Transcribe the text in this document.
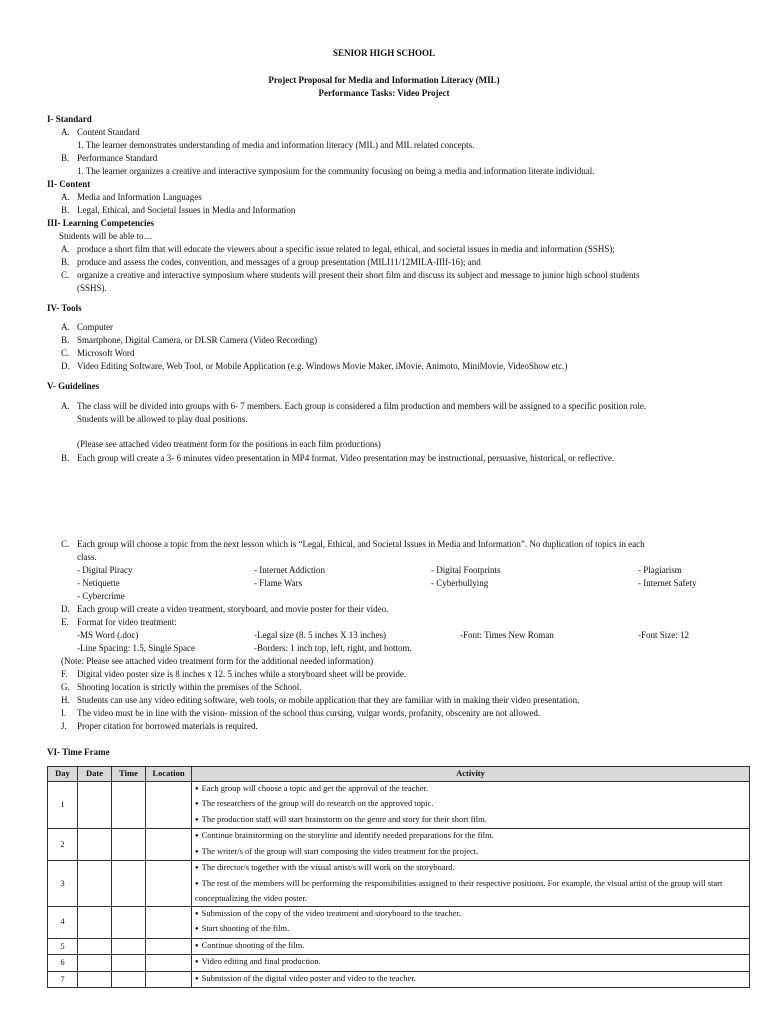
SENIOR HIGH SCHOOL
Project Proposal for Media and Information Literacy (MIL)
Performance Tasks: Video Project
I- Standard
A. Content Standard
1. The learner demonstrates understanding of media and information literacy (MIL) and MIL related concepts.
B. Performance Standard
1. The learner organizes a creative and interactive symposium for the community focusing on being a media and information literate individual.
II- Content
A. Media and Information Languages
B. Legal, Ethical, and Societal Issues in Media and Information
III- Learning Competencies
Students will be able to…
A. produce a short film that will educate the viewers about a specific issue related to legal, ethical, and societal issues in media and information (SSHS);
B. produce and assess the codes, convention, and messages of a group presentation (MILI11/12MILA-IIIf-16); and
C. organize a creative and interactive symposium where students will present their short film and discuss its subject and message to junior high school students
(SSHS).
IV- Tools
A. Computer
B. Smartphone, Digital Camera, or DLSR Camera (Video Recording)
C. Microsoft Word
D. Video Editing Software, Web Tool, or Mobile Application (e.g. Windows Movie Maker, iMovie, Animoto, MiniMovie, VideoShow etc.)
V- Guidelines
A. The class will be divided into groups with 6- 7 members. Each group is considered a film production and members will be assigned to a specific position role.
Students will be allowed to play dual positions.
(Please see attached video treatment form for the positions in each film productions)
B. Each group will create a 3- 6 minutes video presentation in MP4 format. Video presentation may be instructional, persuasive, historical, or reflective.
C. Each group will choose a topic from the next lesson which is “Legal, Ethical, and Societal Issues in Media and Information”. No duplication of topics in each
class.
- Digital Piracy	- Internet Addiction	- Digital Footprints	- Plagiarism
- Netiquette	- Flame Wars	- Cyberbullying	- Internet Safety
- Cybercrime
D. Each group will create a video treatment, storyboard, and movie poster for their video.
E. Format for video treatment:
-MS Word (.doc)	-Legal size (8. 5 inches X 13 inches)	-Font: Times New Roman	-Font Size: 12
-Line Spacing: 1.5, Single Space	-Borders: 1 inch top, left, right, and bottom.
(Note: Please see attached video treatment form for the additional needed information)
F. Digital video poster size is 8 inches x 12. 5 inches while a storyboard sheet will be provide.
G. Shooting location is strictly within the premises of the School.
H. Students can use any video editing software, web tools, or mobile application that they are familiar with in making their video presentation.
I. The video must be in line with the vision- mission of the school thus cursing, vulgar words, profanity, obscenity are not allowed.
J. Proper citation for borrowed materials is required.
VI- Time Frame
Day	Date	Time	Location	Activity
1				● Each group will choose a topic and get the approval of the teacher.
● The researchers of the group will do research on the approved topic.
● The production staff will start brainstorm on the genre and story for their short film.

2				● Continue brainstorming on the storyline and identify needed preparations for the film.
● The writer/s of the group will start composing the video treatment for the project.

3				● The director/s together with the visual artist/s will work on the storyboard.
● The rest of the members will be performing the responsibilities assigned to their respective positions. For example, the visual artist of the group will start conceptualizing the video poster.

4				● Submission of the copy of the video treatment and storyboard to the teacher.
● Start shooting of the film.

5				● Continue shooting of the film.

6				● Video editing and final production.

7				● Submission of the digital video poster and video to the teacher.
